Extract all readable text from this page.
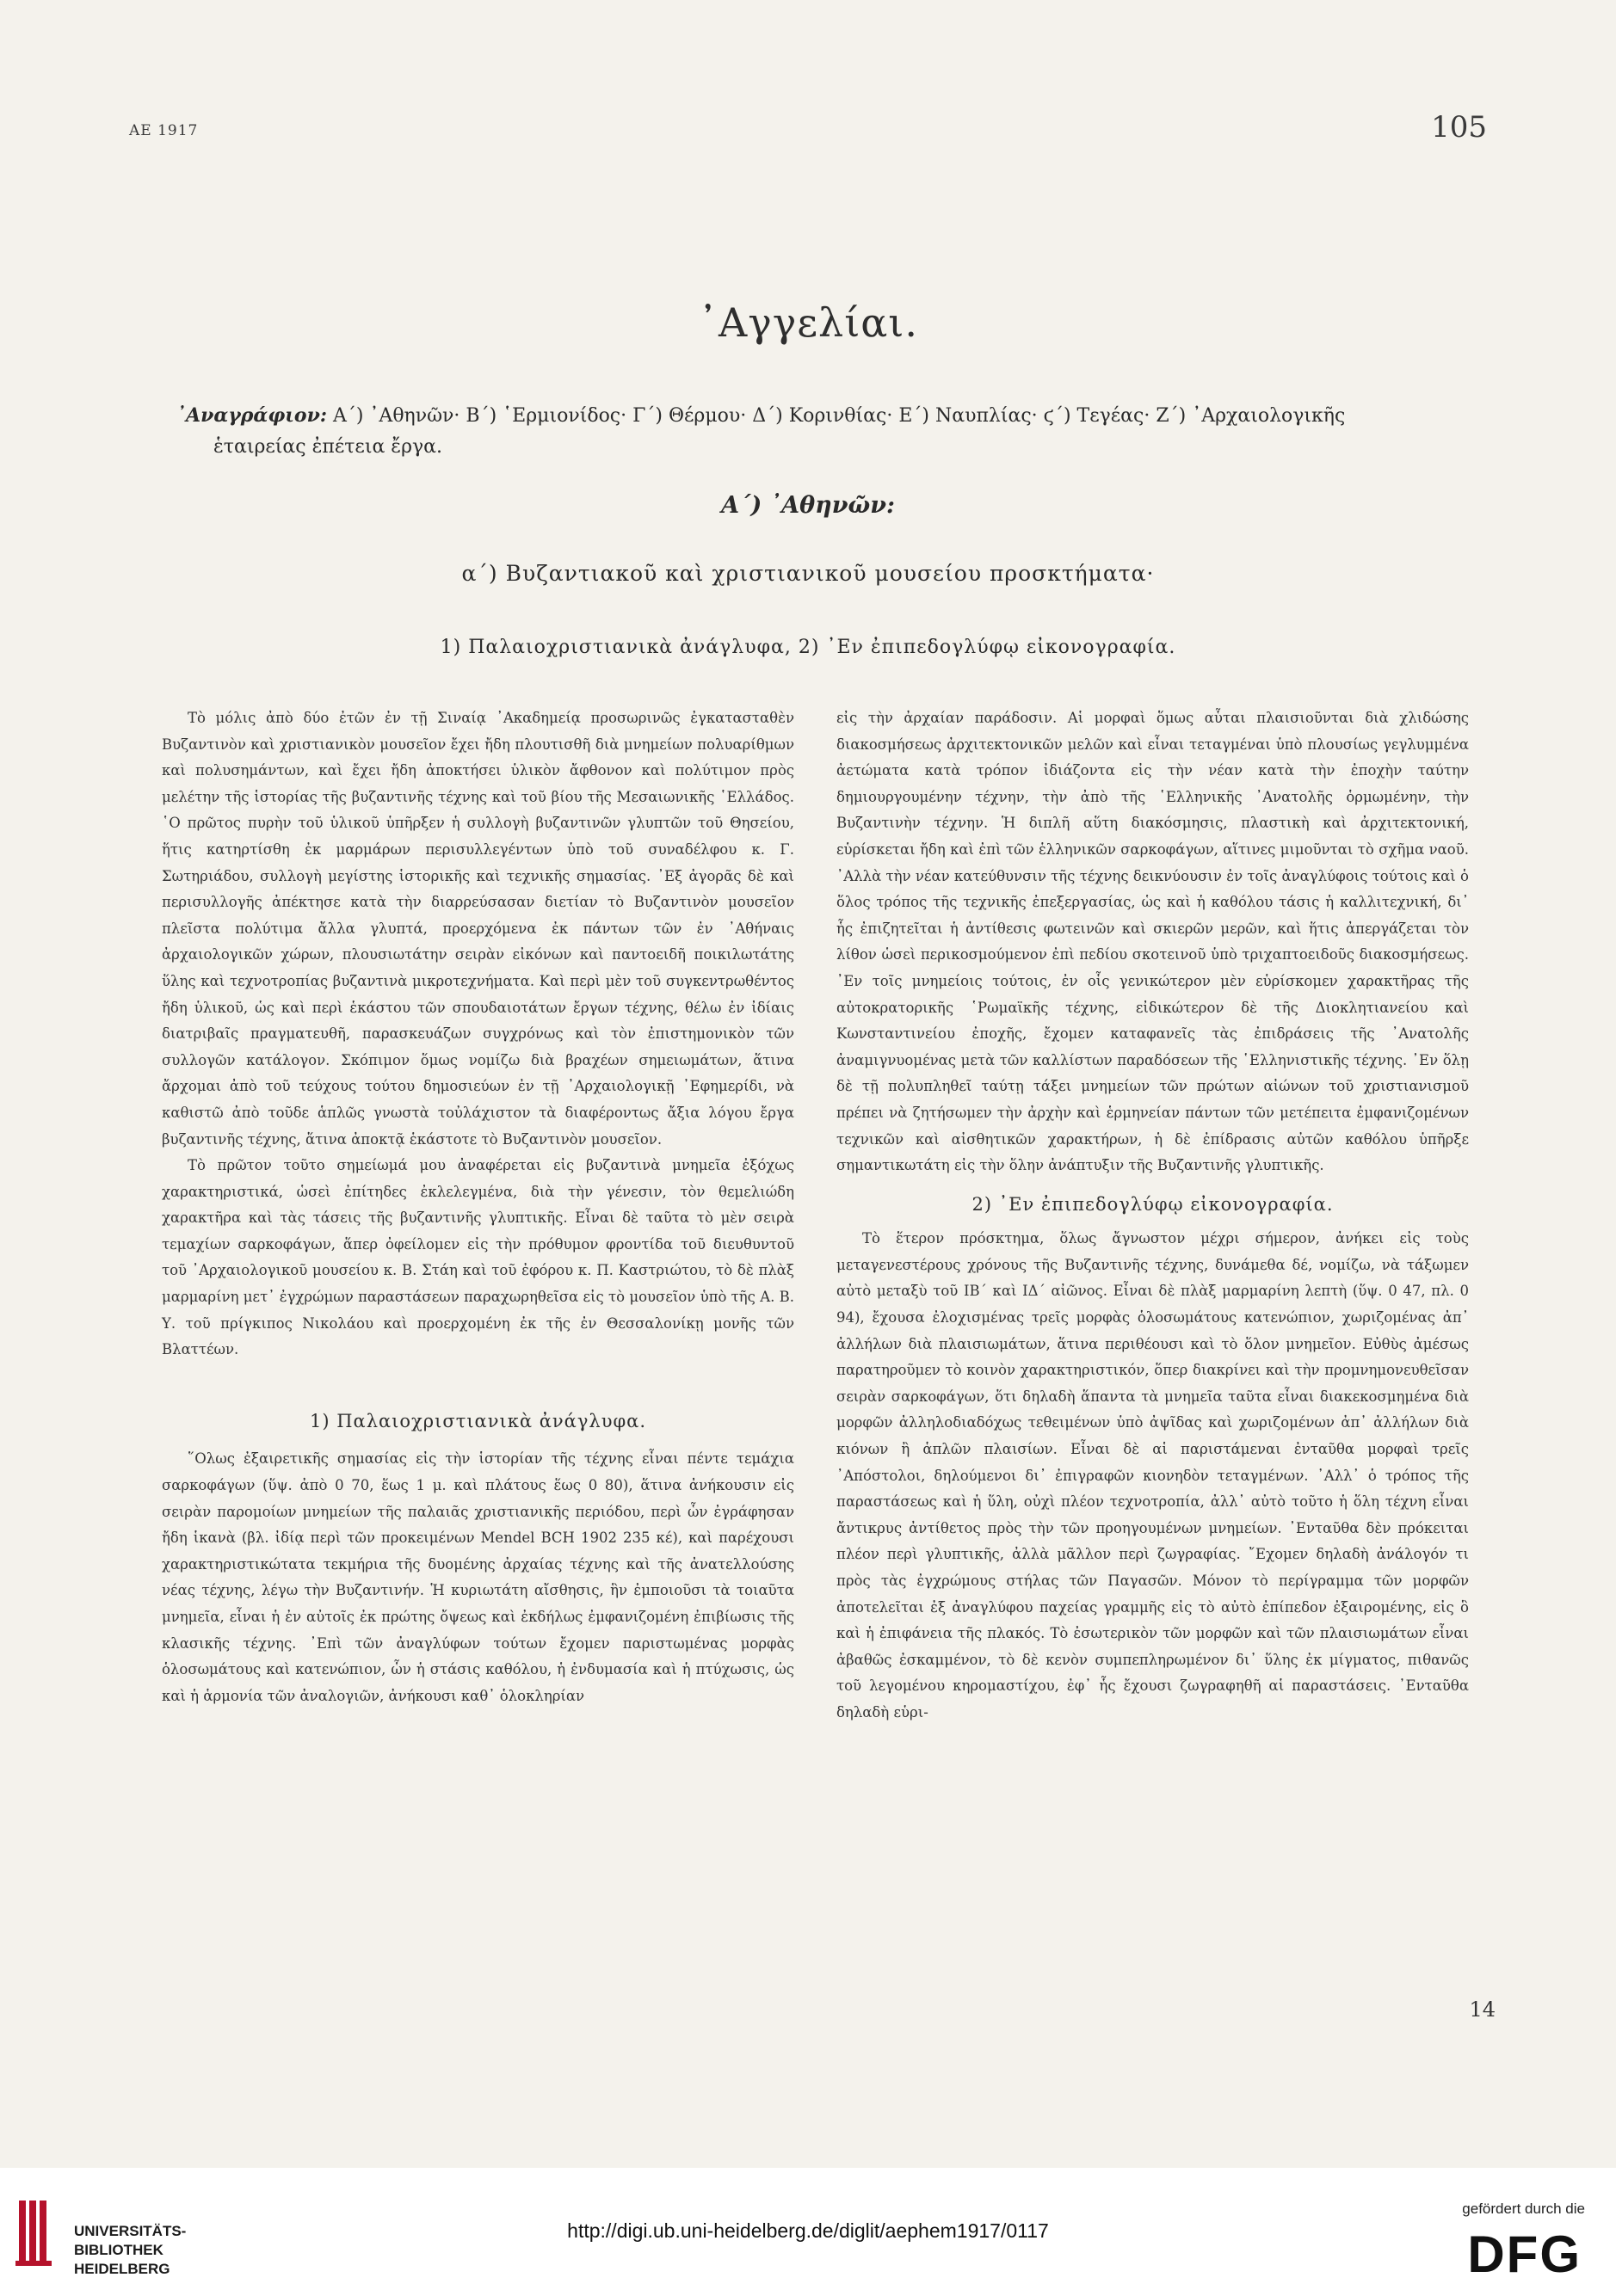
ΑΕ 1917	105
᾿Αγγελίαι.
᾿Αναγράφιον: Α΄) ᾿Αθηνῶν· Β΄) ῾Ερμιονίδος· Γ΄) Θέρμου· Δ΄) Κορινθίας· Ε΄) Ναυπλίας· ϛ΄) Τεγέας· Ζ΄) ᾿Αρχαιολογικῆς
ἑταιρείας ἐπέτεια ἔργα.
Α΄) ᾿Αθηνῶν:
α΄) Βυζαντιακοῦ καὶ χριστιανικοῦ μουσείου προσκτήματα·
1) Παλαιοχριστιανικὰ ἀνάγλυφα, 2) ᾿Εν ἐπιπεδογλύφῳ εἰκονογραφία.

Τὸ μόλις ἀπὸ δύο ἐτῶν ἐν τῇ Σιναίᾳ ᾿Ακαδημείᾳ προσωρινῶς ἐγκατασταθὲν Βυζαντινὸν καὶ χριστιανικὸν μουσεῖον ἔχει ἤδη πλουτισθῆ διὰ μνημείων πολυαρίθμων καὶ πολυσημάντων, καὶ ἔχει ἤδη ἀποκτήσει ὑλικὸν ἄφθονον καὶ πολύτιμον πρὸς μελέτην τῆς ἱστορίας τῆς βυζαντινῆς τέχνης καὶ τοῦ βίου τῆς Μεσαιωνικῆς ῾Ελλάδος. ῾Ο πρῶτος πυρὴν τοῦ ὑλικοῦ ὑπῆρξεν ἡ συλλογὴ βυζαντινῶν γλυπτῶν τοῦ Θησείου, ἥτις κατηρτίσθη ἐκ μαρμάρων περισυλλεγέντων ὑπὸ τοῦ συναδέλφου κ. Γ. Σωτηριάδου, συλλογὴ μεγίστης ἱστορικῆς καὶ τεχνικῆς σημασίας. ᾿Εξ ἀγορᾶς δὲ καὶ περισυλλογῆς ἀπέκτησε κατὰ τὴν διαρρεύσασαν διετίαν τὸ Βυζαντινὸν μουσεῖον πλεῖστα πολύτιμα ἄλλα γλυπτά, προερχόμενα ἐκ πάντων τῶν ἐν ᾿Αθήναις ἀρχαιολογικῶν χώρων, πλουσιωτάτην σειρὰν εἰκόνων καὶ παντοειδῆ ποικιλωτάτης ὕλης καὶ τεχνοτροπίας βυζαντινὰ μικροτεχνήματα. Καὶ περὶ μὲν τοῦ συγκεντρωθέντος ἤδη ὑλικοῦ, ὡς καὶ περὶ ἑκάστου τῶν σπουδαιοτάτων ἔργων τέχνης, θέλω ἐν ἰδίαις διατριβαῖς πραγματευθῆ, παρασκευάζων συγχρόνως καὶ τὸν ἐπιστημονικὸν τῶν συλλογῶν κατάλογον. Σκόπιμον ὅμως νομίζω διὰ βραχέων σημειωμάτων, ἅτινα ἄρχομαι ἀπὸ τοῦ τεύχους τούτου δημοσιεύων ἐν τῇ ᾿Αρχαιολογικῇ ᾿Εφημερίδι, νὰ καθιστῶ ἀπὸ τοῦδε ἁπλῶς γνωστὰ τοὐλάχιστον τὰ διαφέροντως ἄξια λόγου ἔργα βυζαντινῆς τέχνης, ἅτινα ἀποκτᾷ ἑκάστοτε τὸ Βυζαντινὸν μουσεῖον.

Τὸ πρῶτον τοῦτο σημείωμά μου ἀναφέρεται εἰς βυζαντινὰ μνημεῖα ἐξόχως χαρακτηριστικά, ὡσεὶ ἐπίτηδες ἐκλελεγμένα, διὰ τὴν γένεσιν, τὸν θεμελιώδη χαρακτῆρα καὶ τὰς τάσεις τῆς βυζαντινῆς γλυπτικῆς. Εἶναι δὲ ταῦτα τὸ μὲν σειρὰ τεμαχίων σαρκοφάγων, ἅπερ ὀφείλομεν εἰς τὴν πρόθυμον φροντίδα τοῦ διευθυντοῦ τοῦ ᾿Αρχαιολογικοῦ μουσείου κ. Β. Στάη καὶ τοῦ ἐφόρου κ. Π. Καστριώτου, τὸ δὲ πλὰξ μαρμαρίνη μετ᾿ ἐγχρώμων παραστάσεων παραχωρηθεῖσα εἰς τὸ μουσεῖον ὑπὸ τῆς Α. Β. Υ. τοῦ πρίγκιπος Νικολάου καὶ προερχομένη ἐκ τῆς ἐν Θεσσαλονίκῃ μονῆς τῶν Βλαττέων.

1) Παλαιοχριστιανικὰ ἀνάγλυφα.

῞Ολως ἐξαιρετικῆς σημασίας εἰς τὴν ἱστορίαν τῆς τέχνης εἶναι πέντε τεμάχια σαρκοφάγων (ὕψ. ἀπὸ 0 70, ἕως 1 μ. καὶ πλάτους ἕως 0 80), ἅτινα ἀνήκουσιν εἰς σειρὰν παρομοίων μνημείων τῆς παλαιᾶς χριστιανικῆς περιόδου, περὶ ὧν ἐγράφησαν ἤδη ἱκανὰ (βλ. ἰδίᾳ περὶ τῶν προκειμένων Mendel BCH 1902 235 κέ), καὶ παρέχουσι χαρακτηριστικώτατα τεκμήρια τῆς δυομένης ἀρχαίας τέχνης καὶ τῆς ἀνατελλούσης νέας τέχνης, λέγω τὴν Βυζαντινήν. Ἡ κυριωτάτη αἴσθησις, ἣν ἐμποιοῦσι τὰ τοιαῦτα μνημεῖα, εἶναι ἡ ἐν αὐτοῖς ἐκ πρώτης ὄψεως καὶ ἐκδήλως ἐμφανιζομένη ἐπιβίωσις τῆς κλασικῆς τέχνης. ᾿Επὶ τῶν ἀναγλύφων τούτων ἔχομεν παριστωμένας μορφὰς ὁλοσωμάτους καὶ κατενώπιον, ὧν ἡ στάσις καθόλου, ἡ ἐνδυμασία καὶ ἡ πτύχωσις, ὡς καὶ ἡ ἁρμονία τῶν ἀναλογιῶν, ἀνήκουσι καθ᾿ ὁλοκληρίαν

εἰς τὴν ἀρχαίαν παράδοσιν. Αἱ μορφαὶ ὅμως αὗται πλαισιοῦνται διὰ χλιδώσης διακοσμήσεως ἀρχιτεκτονικῶν μελῶν καὶ εἶναι τεταγμέναι ὑπὸ πλουσίως γεγλυμμένα ἀετώματα κατὰ τρόπον ἰδιάζοντα εἰς τὴν νέαν κατὰ τὴν ἐποχὴν ταύτην δημιουργουμένην τέχνην, τὴν ἀπὸ τῆς ῾Ελληνικῆς ᾿Ανατολῆς ὁρμωμένην, τὴν Βυζαντινὴν τέχνην. Ἡ διπλῆ αὕτη διακόσμησις, πλαστικὴ καὶ ἀρχιτεκτονική, εὑρίσκεται ἤδη καὶ ἐπὶ τῶν ἑλληνικῶν σαρκοφάγων, αἵτινες μιμοῦνται τὸ σχῆμα ναοῦ. ᾿Αλλὰ τὴν νέαν κατεύθυνσιν τῆς τέχνης δεικνύουσιν ἐν τοῖς ἀναγλύφοις τούτοις καὶ ὁ ὅλος τρόπος τῆς τεχνικῆς ἐπεξεργασίας, ὡς καὶ ἡ καθόλου τάσις ἡ καλλιτεχνική, δι᾿ ἧς ἐπιζητεῖται ἡ ἀντίθεσις φωτεινῶν καὶ σκιερῶν μερῶν, καὶ ἥτις ἀπεργάζεται τὸν λίθον ὡσεὶ περικοσμούμενον ἐπὶ πεδίου σκοτεινοῦ ὑπὸ τριχαπτοειδοῦς διακοσμήσεως. ᾿Εν τοῖς μνημείοις τούτοις, ἐν οἷς γενικώτερον μὲν εὑρίσκομεν χαρακτῆρας τῆς αὐτοκρατορικῆς ῾Ρωμαϊκῆς τέχνης, εἰδικώτερον δὲ τῆς Διοκλητιανείου καὶ Κωνσταντινείου ἐποχῆς, ἔχομεν καταφανεῖς τὰς ἐπιδράσεις τῆς ᾿Ανατολῆς ἀναμιγνυομένας μετὰ τῶν καλλίστων παραδόσεων τῆς ῾Ελληνιστικῆς τέχνης. ᾿Εν ὅλῃ δὲ τῇ πολυπληθεῖ ταύτῃ τάξει μνημείων τῶν πρώτων αἰώνων τοῦ χριστιανισμοῦ πρέπει νὰ ζητήσωμεν τὴν ἀρχὴν καὶ ἑρμηνείαν πάντων τῶν μετέπειτα ἐμφανιζομένων τεχνικῶν καὶ αἰσθητικῶν χαρακτήρων, ἡ δὲ ἐπίδρασις αὐτῶν καθόλου ὑπῆρξε σημαντικωτάτη εἰς τὴν ὅλην ἀνάπτυξιν τῆς Βυζαντινῆς γλυπτικῆς.

2) ᾿Εν ἐπιπεδογλύφῳ εἰκονογραφία.

Τὸ ἕτερον πρόσκτημα, ὅλως ἄγνωστον μέχρι σήμερον, ἀνήκει εἰς τοὺς μεταγενεστέρους χρόνους τῆς Βυζαντινῆς τέχνης, δυνάμεθα δέ, νομίζω, νὰ τάξωμεν αὐτὸ μεταξὺ τοῦ ΙΒ΄ καὶ ΙΔ΄ αἰῶνος. Εἶναι δὲ πλὰξ μαρμαρίνη λεπτὴ (ὕψ. 0 47, πλ. 0 94), ἔχουσα ἐλοχισμένας τρεῖς μορφὰς ὁλοσωμάτους κατενώπιον, χωριζομένας ἀπ᾿ ἀλλήλων διὰ πλαισιωμάτων, ἅτινα περιθέουσι καὶ τὸ ὅλον μνημεῖον. Εὐθὺς ἀμέσως παρατηροῦμεν τὸ κοινὸν χαρακτηριστικόν, ὅπερ διακρίνει καὶ τὴν προμνημονευθεῖσαν σειρὰν σαρκοφάγων, ὅτι δηλαδὴ ἅπαντα τὰ μνημεῖα ταῦτα εἶναι διακεκοσμημένα διὰ μορφῶν ἀλληλοδιαδόχως τεθειμένων ὑπὸ ἀψῖδας καὶ χωριζομένων ἀπ᾿ ἀλλήλων διὰ κιόνων ἢ ἁπλῶν πλαισίων. Εἶναι δὲ αἱ παριστάμεναι ἐνταῦθα μορφαὶ τρεῖς ᾿Απόστολοι, δηλούμενοι δι᾿ ἐπιγραφῶν κιονηδὸν τεταγμένων. ᾿Αλλ᾿ ὁ τρόπος τῆς παραστάσεως καὶ ἡ ὕλη, οὐχὶ πλέον τεχνοτροπία, ἀλλ᾿ αὐτὸ τοῦτο ἡ ὅλη τέχνη εἶναι ἄντικρυς ἀντίθετος πρὸς τὴν τῶν προηγουμένων μνημείων. ᾿Ενταῦθα δὲν πρόκειται πλέον περὶ γλυπτικῆς, ἀλλὰ μᾶλλον περὶ ζωγραφίας. ῎Εχομεν δηλαδὴ ἀνάλογόν τι πρὸς τὰς ἐγχρώμους στήλας τῶν Παγασῶν. Μόνον τὸ περίγραμμα τῶν μορφῶν ἀποτελεῖται ἐξ ἀναγλύφου παχείας γραμμῆς εἰς τὸ αὐτὸ ἐπίπεδον ἐξαιρομένης, εἰς ὃ καὶ ἡ ἐπιφάνεια τῆς πλακός. Τὸ ἐσωτερικὸν τῶν μορφῶν καὶ τῶν πλαισιωμάτων εἶναι ἀβαθῶς ἐσκαμμένον, τὸ δὲ κενὸν συμπεπληρωμένον δι᾿ ὕλης ἐκ μίγματος, πιθανῶς τοῦ λεγομένου κηρομαστίχου, ἐφ᾿ ἧς ἔχουσι ζωγραφηθῆ αἱ παραστάσεις. ᾿Ενταῦθα δηλαδὴ εὑρι-

14
UNIVERSITÄTS-
BIBLIOTHEK
HEIDELBERG
http://digi.ub.uni-heidelberg.de/diglit/aephem1917/0117
gefördert durch die
DFG
